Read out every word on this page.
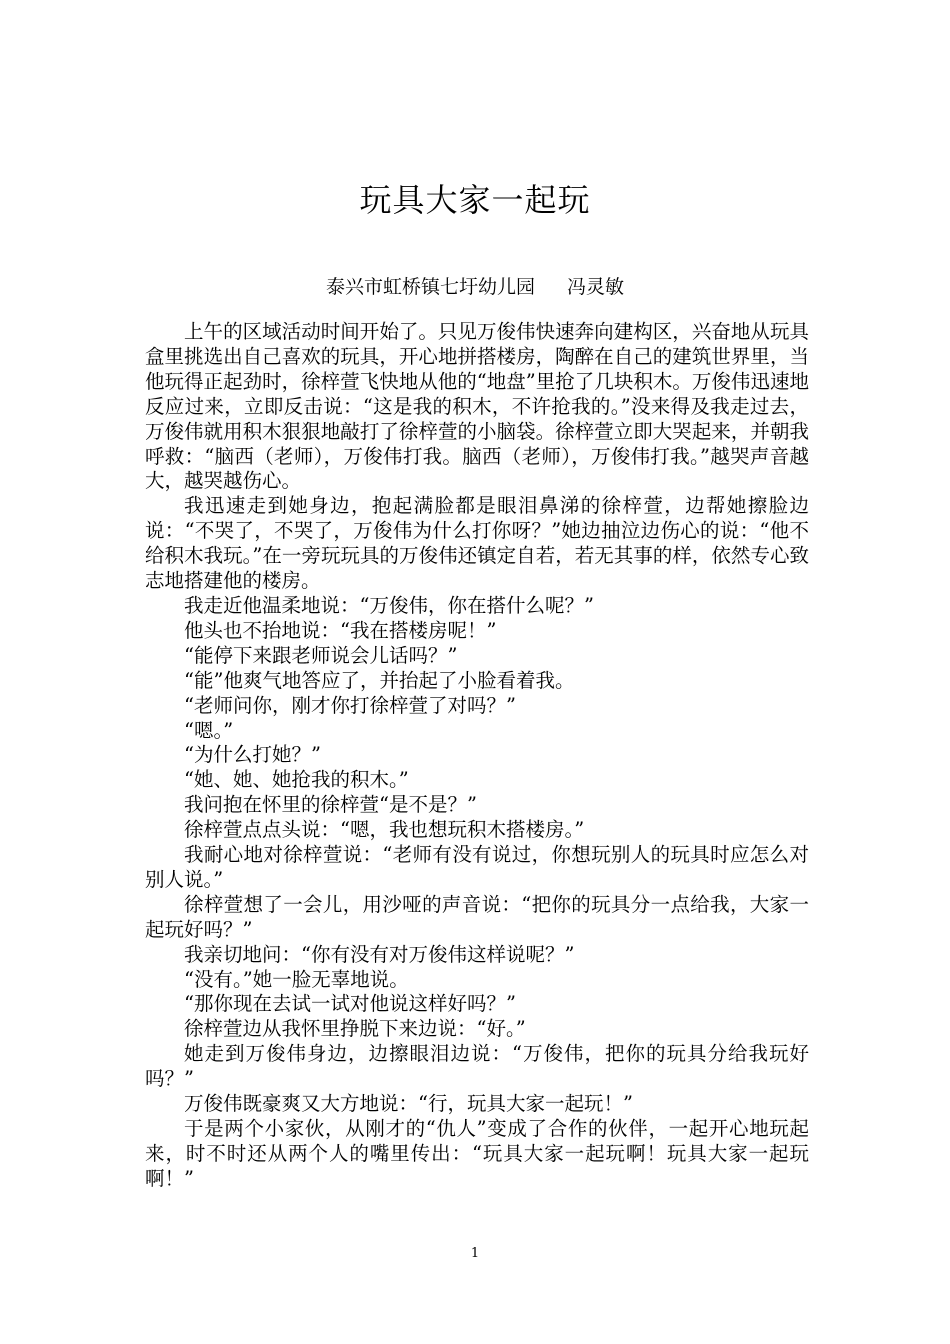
玩具大家一起玩
泰兴市虹桥镇七圩幼儿园 冯灵敏

上午的区域活动时间开始了。只见万俊伟快速奔向建构区，兴奋地从玩具盒里挑选出自己喜欢的玩具，开心地拼搭楼房，陶醉在自己的建筑世界里，当他玩得正起劲时，徐梓萱飞快地从他的“地盘”里抢了几块积木。万俊伟迅速地反应过来，立即反击说：“这是我的积木，不许抢我的。”没来得及我走过去，万俊伟就用积木狠狠地敲打了徐梓萱的小脑袋。徐梓萱立即大哭起来，并朝我呼救：“脑西（老师），万俊伟打我。脑西（老师），万俊伟打我。”越哭声音越大，越哭越伤心。

我迅速走到她身边，抱起满脸都是眼泪鼻涕的徐梓萱，边帮她擦脸边说：“不哭了，不哭了，万俊伟为什么打你呀？”她边抽泣边伤心的说：“他不给积木我玩。”在一旁玩玩具的万俊伟还镇定自若，若无其事的样，依然专心致志地搭建他的楼房。

我走近他温柔地说：“万俊伟，你在搭什么呢？”

他头也不抬地说：“我在搭楼房呢！”

“能停下来跟老师说会儿话吗？”

“能”他爽气地答应了，并抬起了小脸看着我。

“老师问你，刚才你打徐梓萱了对吗？”

“嗯。”

“为什么打她？”

“她、她、她抢我的积木。”

我问抱在怀里的徐梓萱“是不是？”

徐梓萱点点头说：“嗯，我也想玩积木搭楼房。”

我耐心地对徐梓萱说：“老师有没有说过，你想玩别人的玩具时应怎么对别人说。”

徐梓萱想了一会儿，用沙哑的声音说：“把你的玩具分一点给我，大家一起玩好吗？”

我亲切地问：“你有没有对万俊伟这样说呢？”

“没有。”她一脸无辜地说。

“那你现在去试一试对他说这样好吗？”

徐梓萱边从我怀里挣脱下来边说：“好。”

她走到万俊伟身边，边擦眼泪边说：“万俊伟，把你的玩具分给我玩好吗？”

万俊伟既豪爽又大方地说：“行，玩具大家一起玩！”

于是两个小家伙，从刚才的“仇人”变成了合作的伙伴，一起开心地玩起来，时不时还从两个人的嘴里传出：“玩具大家一起玩啊！玩具大家一起玩啊！”

1
